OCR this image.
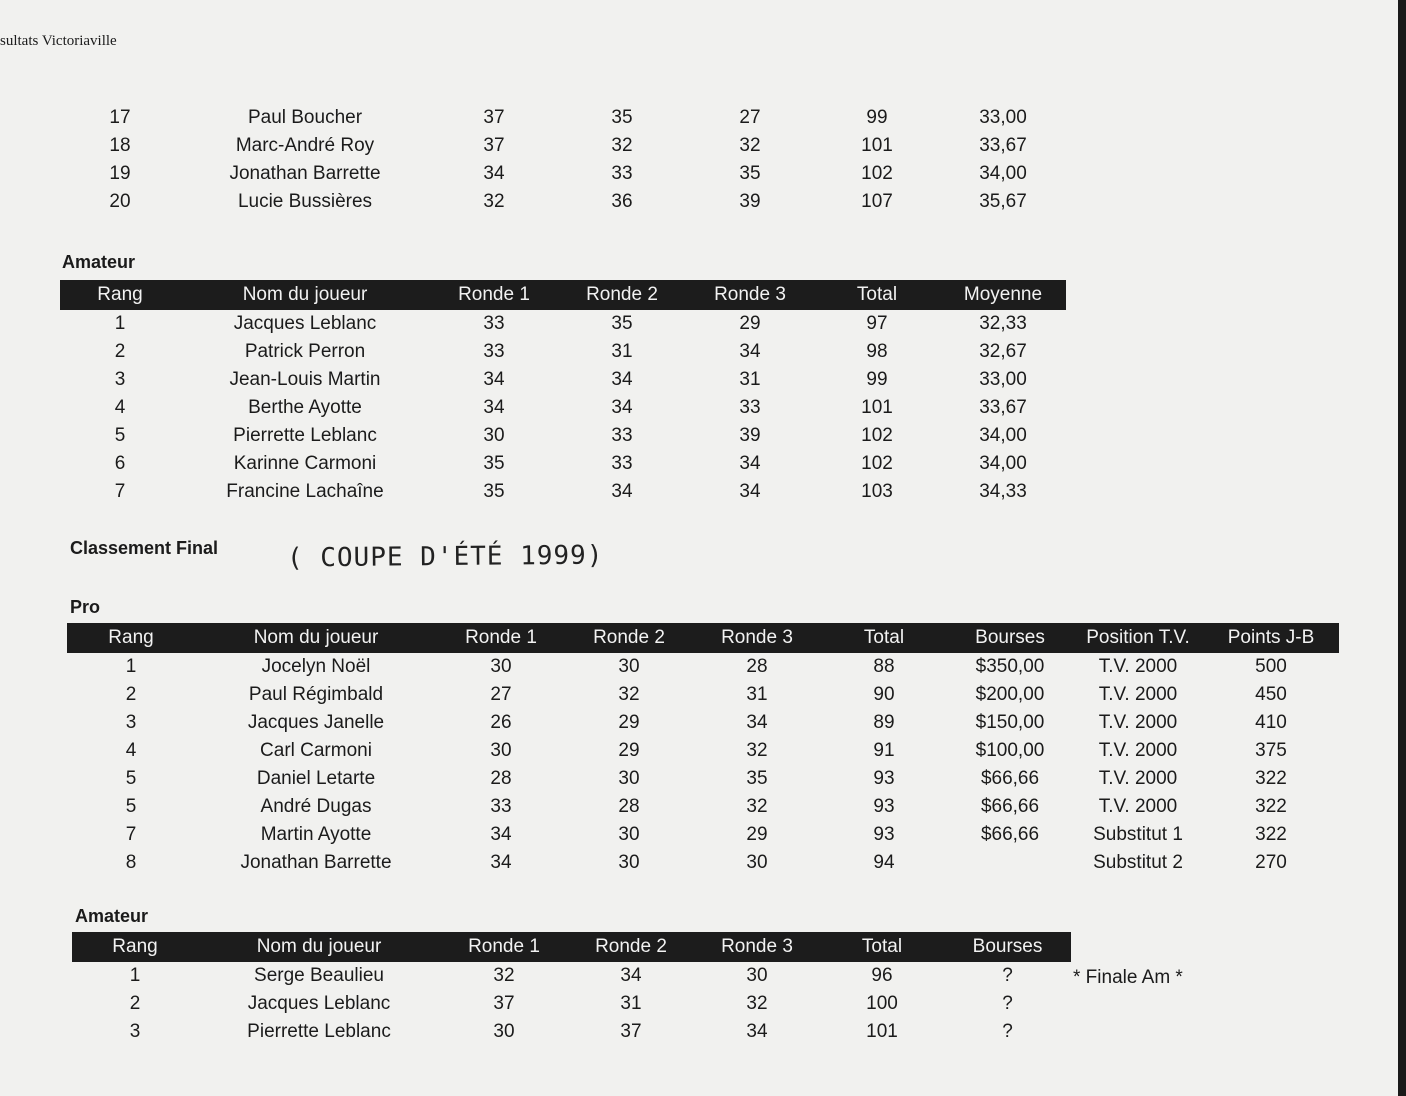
sultats Victoriaville
17	Paul Boucher	37	35	27	99	33,00
18	Marc-André Roy	37	32	32	101	33,67
19	Jonathan Barrette	34	33	35	102	34,00
20	Lucie Bussières	32	36	39	107	35,67
Amateur
Rang	Nom du joueur	Ronde 1	Ronde 2	Ronde 3	Total	Moyenne
1	Jacques Leblanc	33	35	29	97	32,33
2	Patrick Perron	33	31	34	98	32,67
3	Jean-Louis Martin	34	34	31	99	33,00
4	Berthe Ayotte	34	34	33	101	33,67
5	Pierrette Leblanc	30	33	39	102	34,00
6	Karinne Carmoni	35	33	34	102	34,00
7	Francine Lachaîne	35	34	34	103	34,33
Classement Final	( COUPE D'ÉTÉ 1999)
Pro
Rang	Nom du joueur	Ronde 1	Ronde 2	Ronde 3	Total	Bourses	Position T.V.	Points J-B
1	Jocelyn Noël	30	30	28	88	$350,00	T.V. 2000	500
2	Paul Régimbald	27	32	31	90	$200,00	T.V. 2000	450
3	Jacques Janelle	26	29	34	89	$150,00	T.V. 2000	410
4	Carl Carmoni	30	29	32	91	$100,00	T.V. 2000	375
5	Daniel Letarte	28	30	35	93	$66,66	T.V. 2000	322
5	André Dugas	33	28	32	93	$66,66	T.V. 2000	322
7	Martin Ayotte	34	30	29	93	$66,66	Substitut 1	322
8	Jonathan Barrette	34	30	30	94		Substitut 2	270
Amateur
Rang	Nom du joueur	Ronde 1	Ronde 2	Ronde 3	Total	Bourses
1	Serge Beaulieu	32	34	30	96	?
2	Jacques Leblanc	37	31	32	100	?
3	Pierrette Leblanc	30	37	34	101	?
* Finale Am *
